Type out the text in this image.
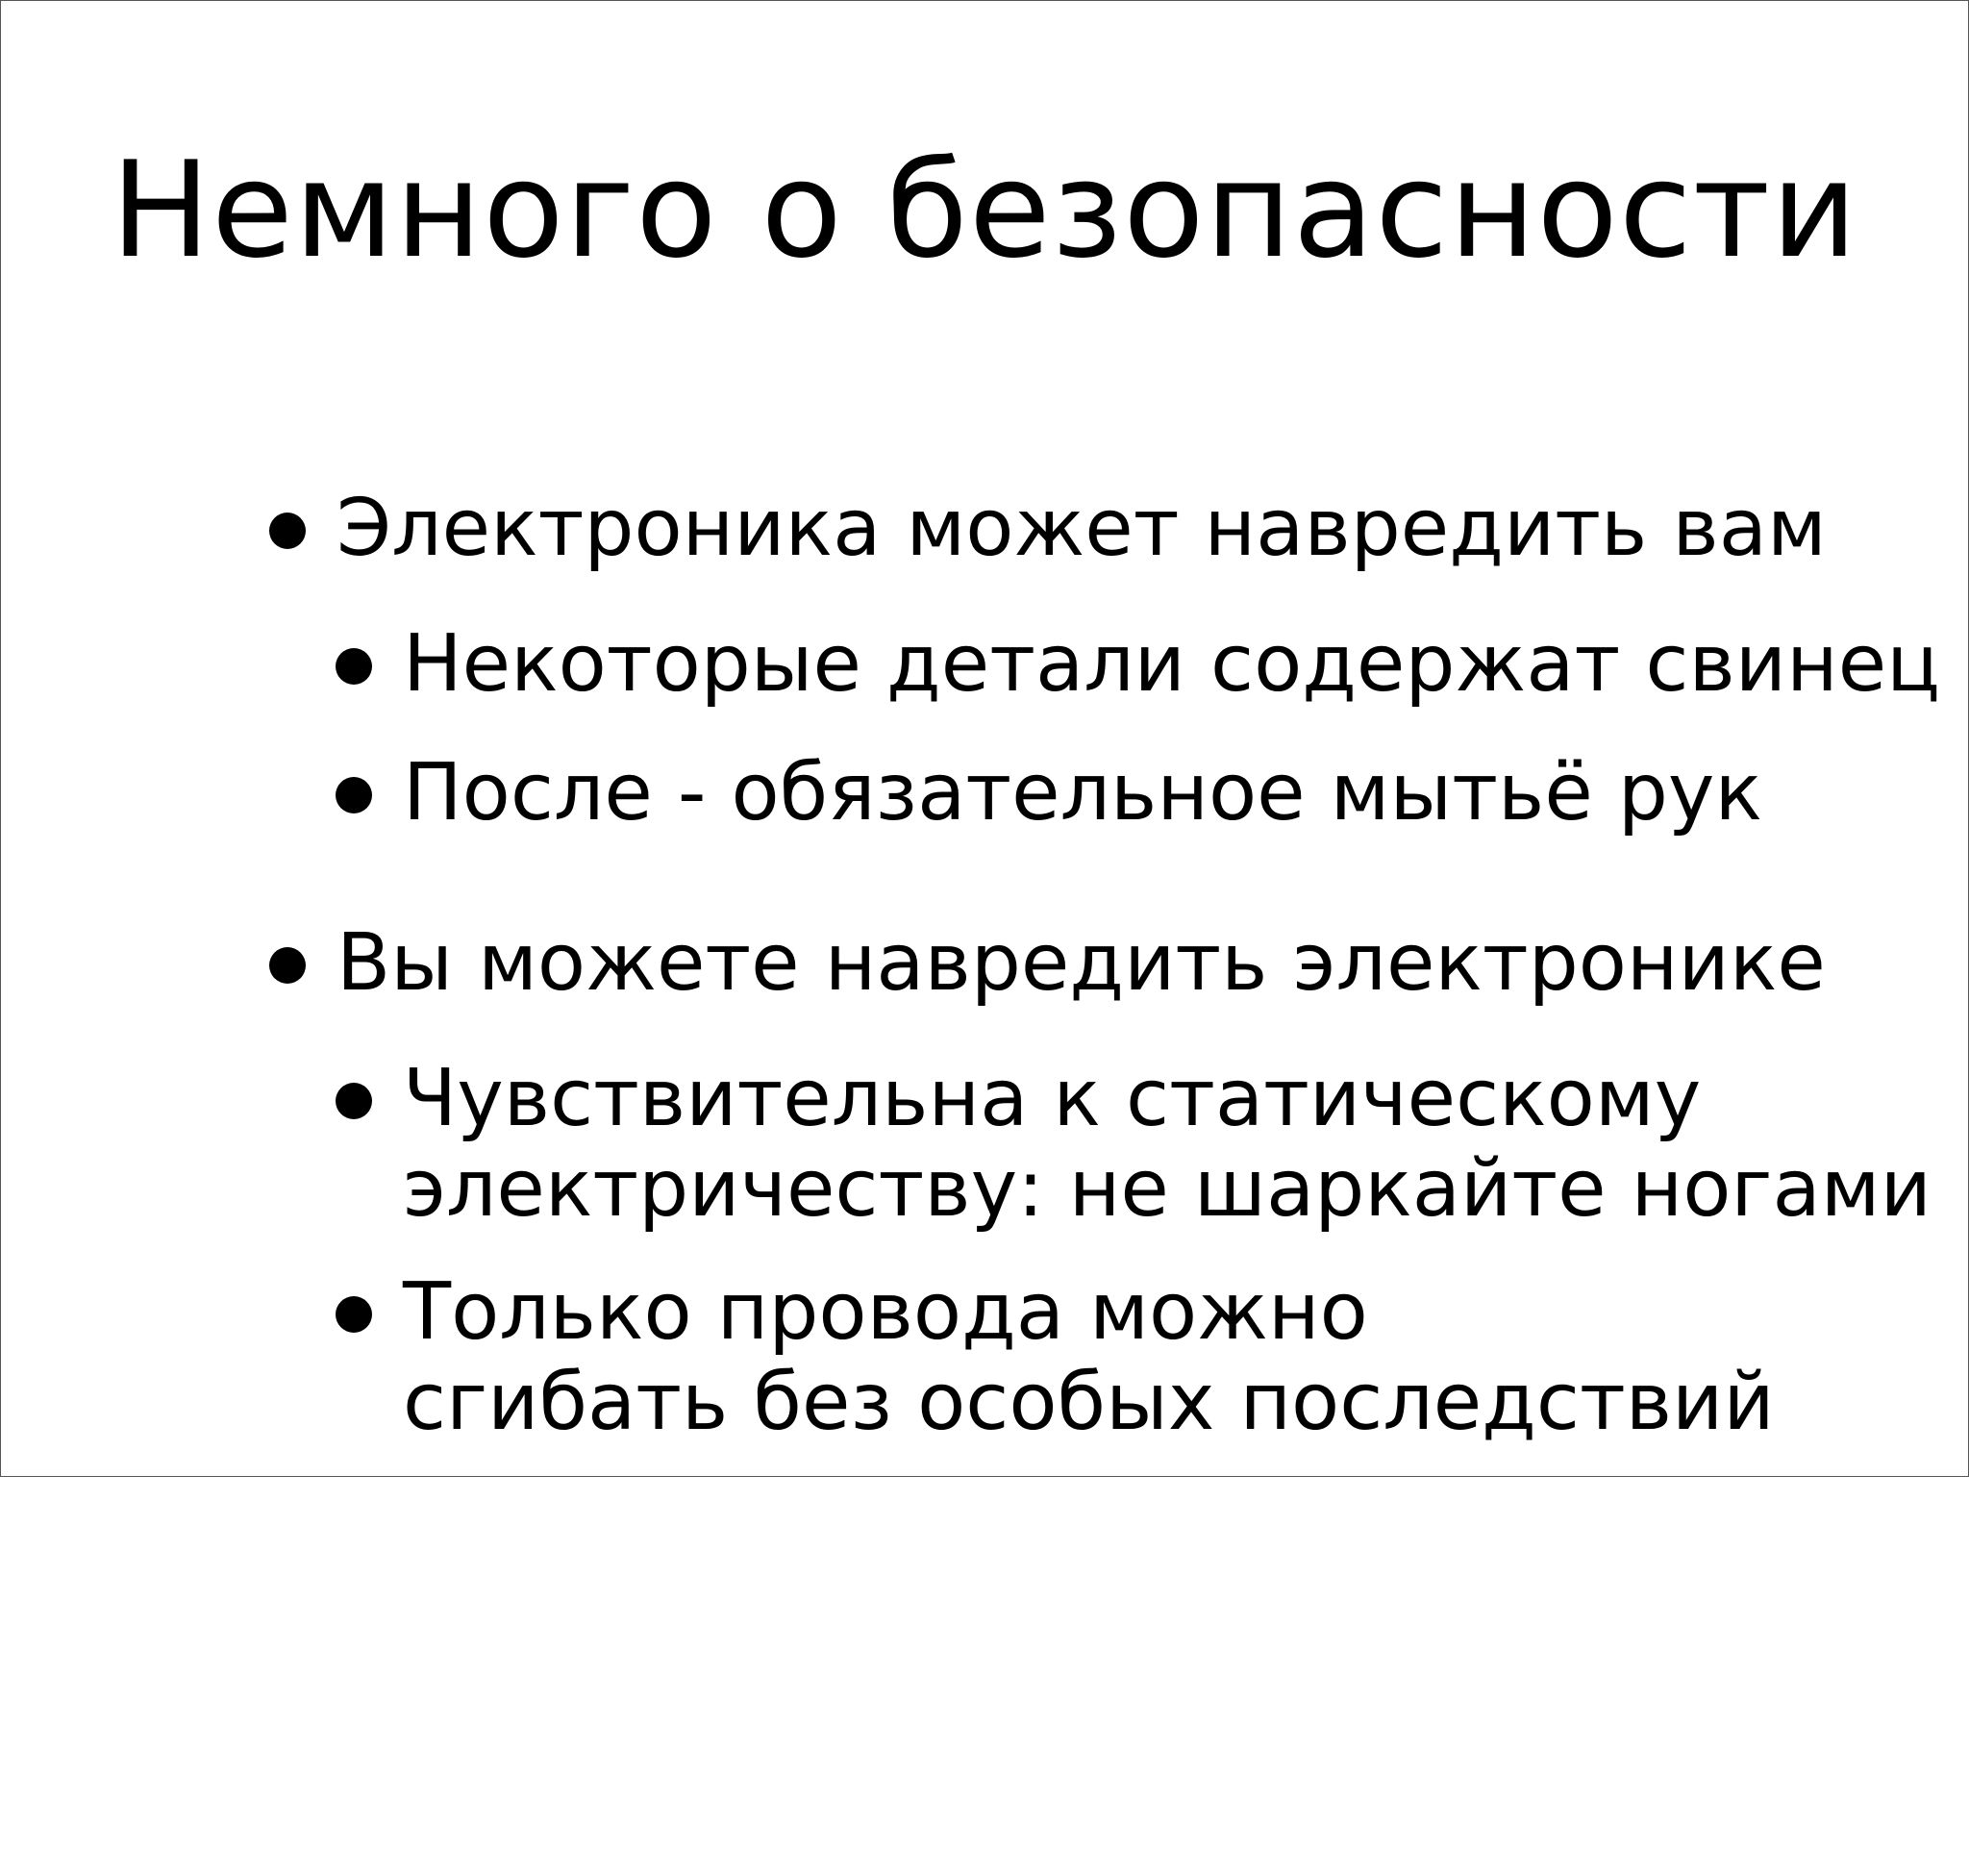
Немного о безопасности
Электроника может навредить вам
Некоторые детали содержат свинец
После - обязательное мытьё рук
Вы можете навредить электронике
Чувствительна к статическому
электричеству: не шаркайте ногами
Только провода можно
сгибать без особых последствий
